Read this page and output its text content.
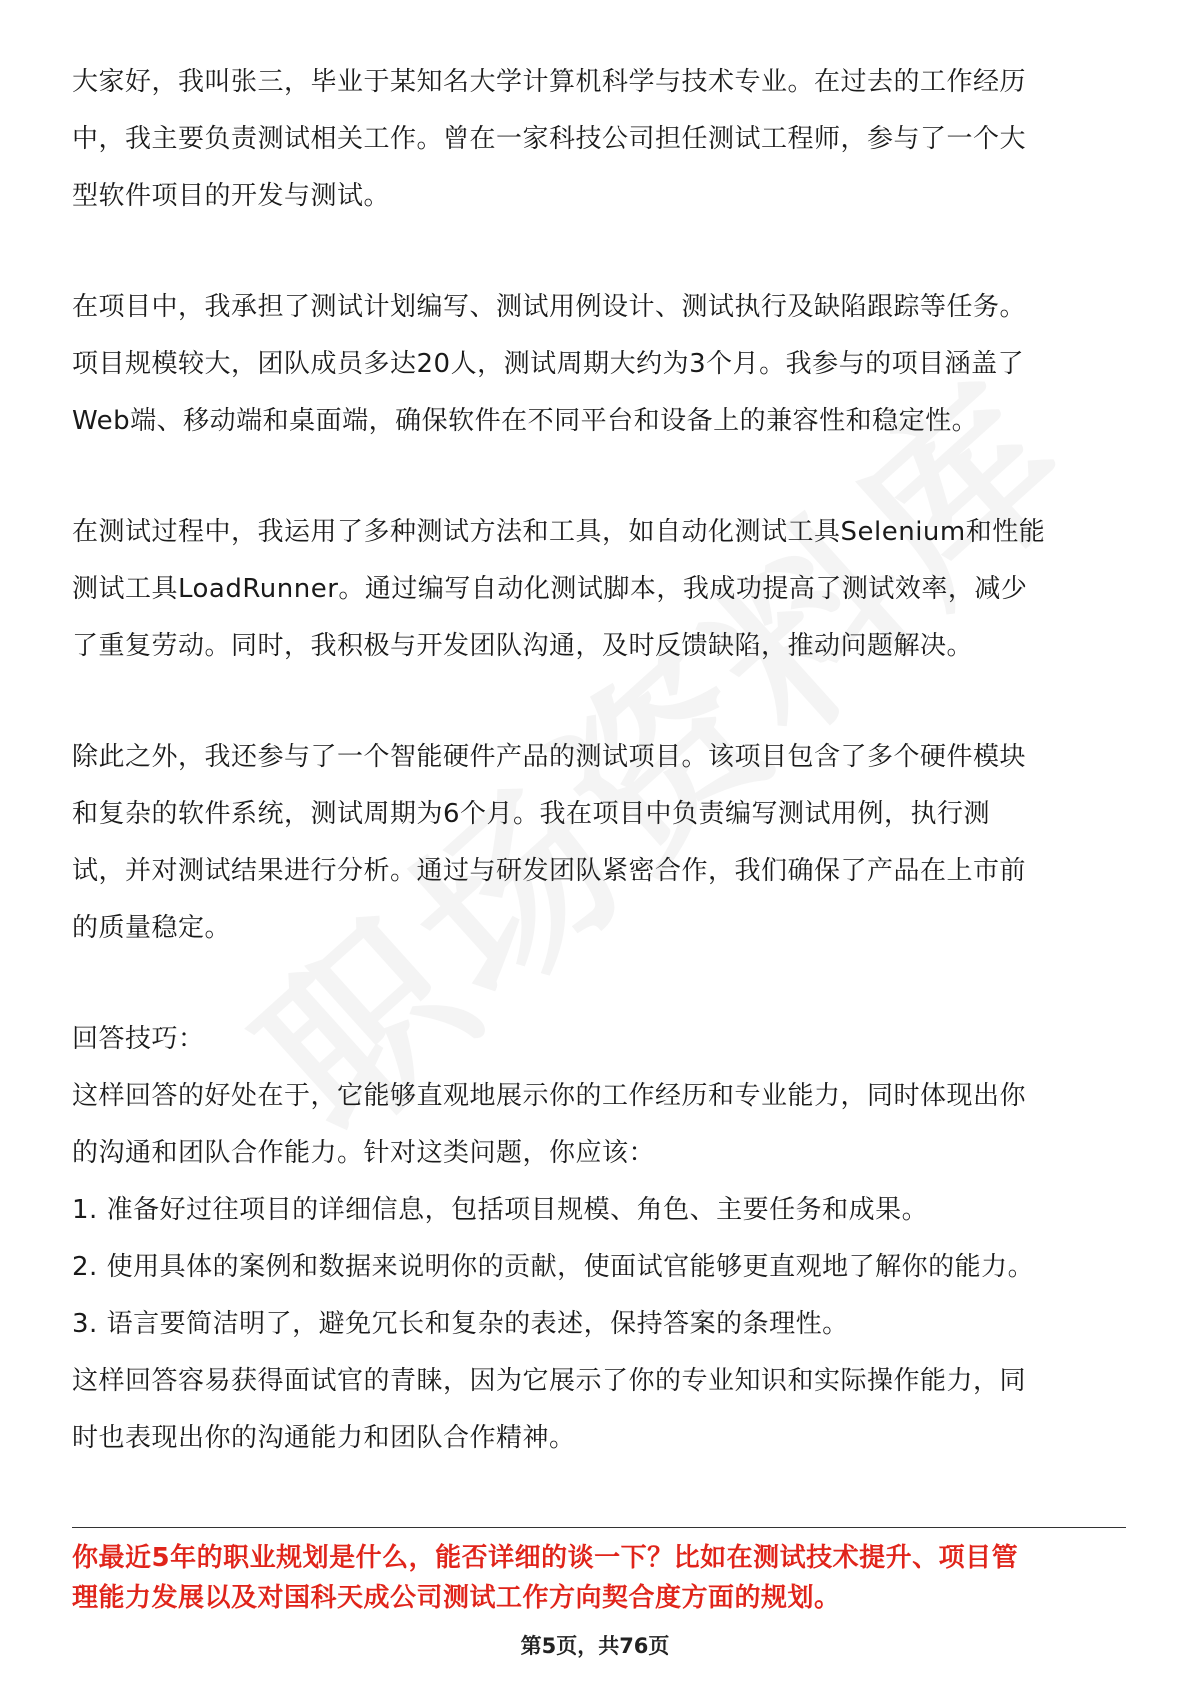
大家好，我叫张三，毕业于某知名大学计算机科学与技术专业。在过去的工作经历

中，我主要负责测试相关工作。曾在一家科技公司担任测试工程师，参与了一个大

型软件项目的开发与测试。

在项目中，我承担了测试计划编写、测试用例设计、测试执行及缺陷跟踪等任务。

项目规模较大，团队成员多达20人，测试周期大约为3个月。我参与的项目涵盖了

Web端、移动端和桌面端，确保软件在不同平台和设备上的兼容性和稳定性。

在测试过程中，我运用了多种测试方法和工具，如自动化测试工具Selenium和性能

测试工具LoadRunner。通过编写自动化测试脚本，我成功提高了测试效率，减少

了重复劳动。同时，我积极与开发团队沟通，及时反馈缺陷，推动问题解决。

除此之外，我还参与了一个智能硬件产品的测试项目。该项目包含了多个硬件模块

和复杂的软件系统，测试周期为6个月。我在项目中负责编写测试用例，执行测

试，并对测试结果进行分析。通过与研发团队紧密合作，我们确保了产品在上市前

的质量稳定。

回答技巧：

这样回答的好处在于，它能够直观地展示你的工作经历和专业能力，同时体现出你

的沟通和团队合作能力。针对这类问题，你应该：

1. 准备好过往项目的详细信息，包括项目规模、角色、主要任务和成果。

2. 使用具体的案例和数据来说明你的贡献，使面试官能够更直观地了解你的能力。

3. 语言要简洁明了，避免冗长和复杂的表述，保持答案的条理性。

这样回答容易获得面试官的青睐，因为它展示了你的专业知识和实际操作能力，同

时也表现出你的沟通能力和团队合作精神。

你最近5年的职业规划是什么，能否详细的谈一下？比如在测试技术提升、项目管
理能力发展以及对国科天成公司测试工作方向契合度方面的规划。
第5页，共76页
